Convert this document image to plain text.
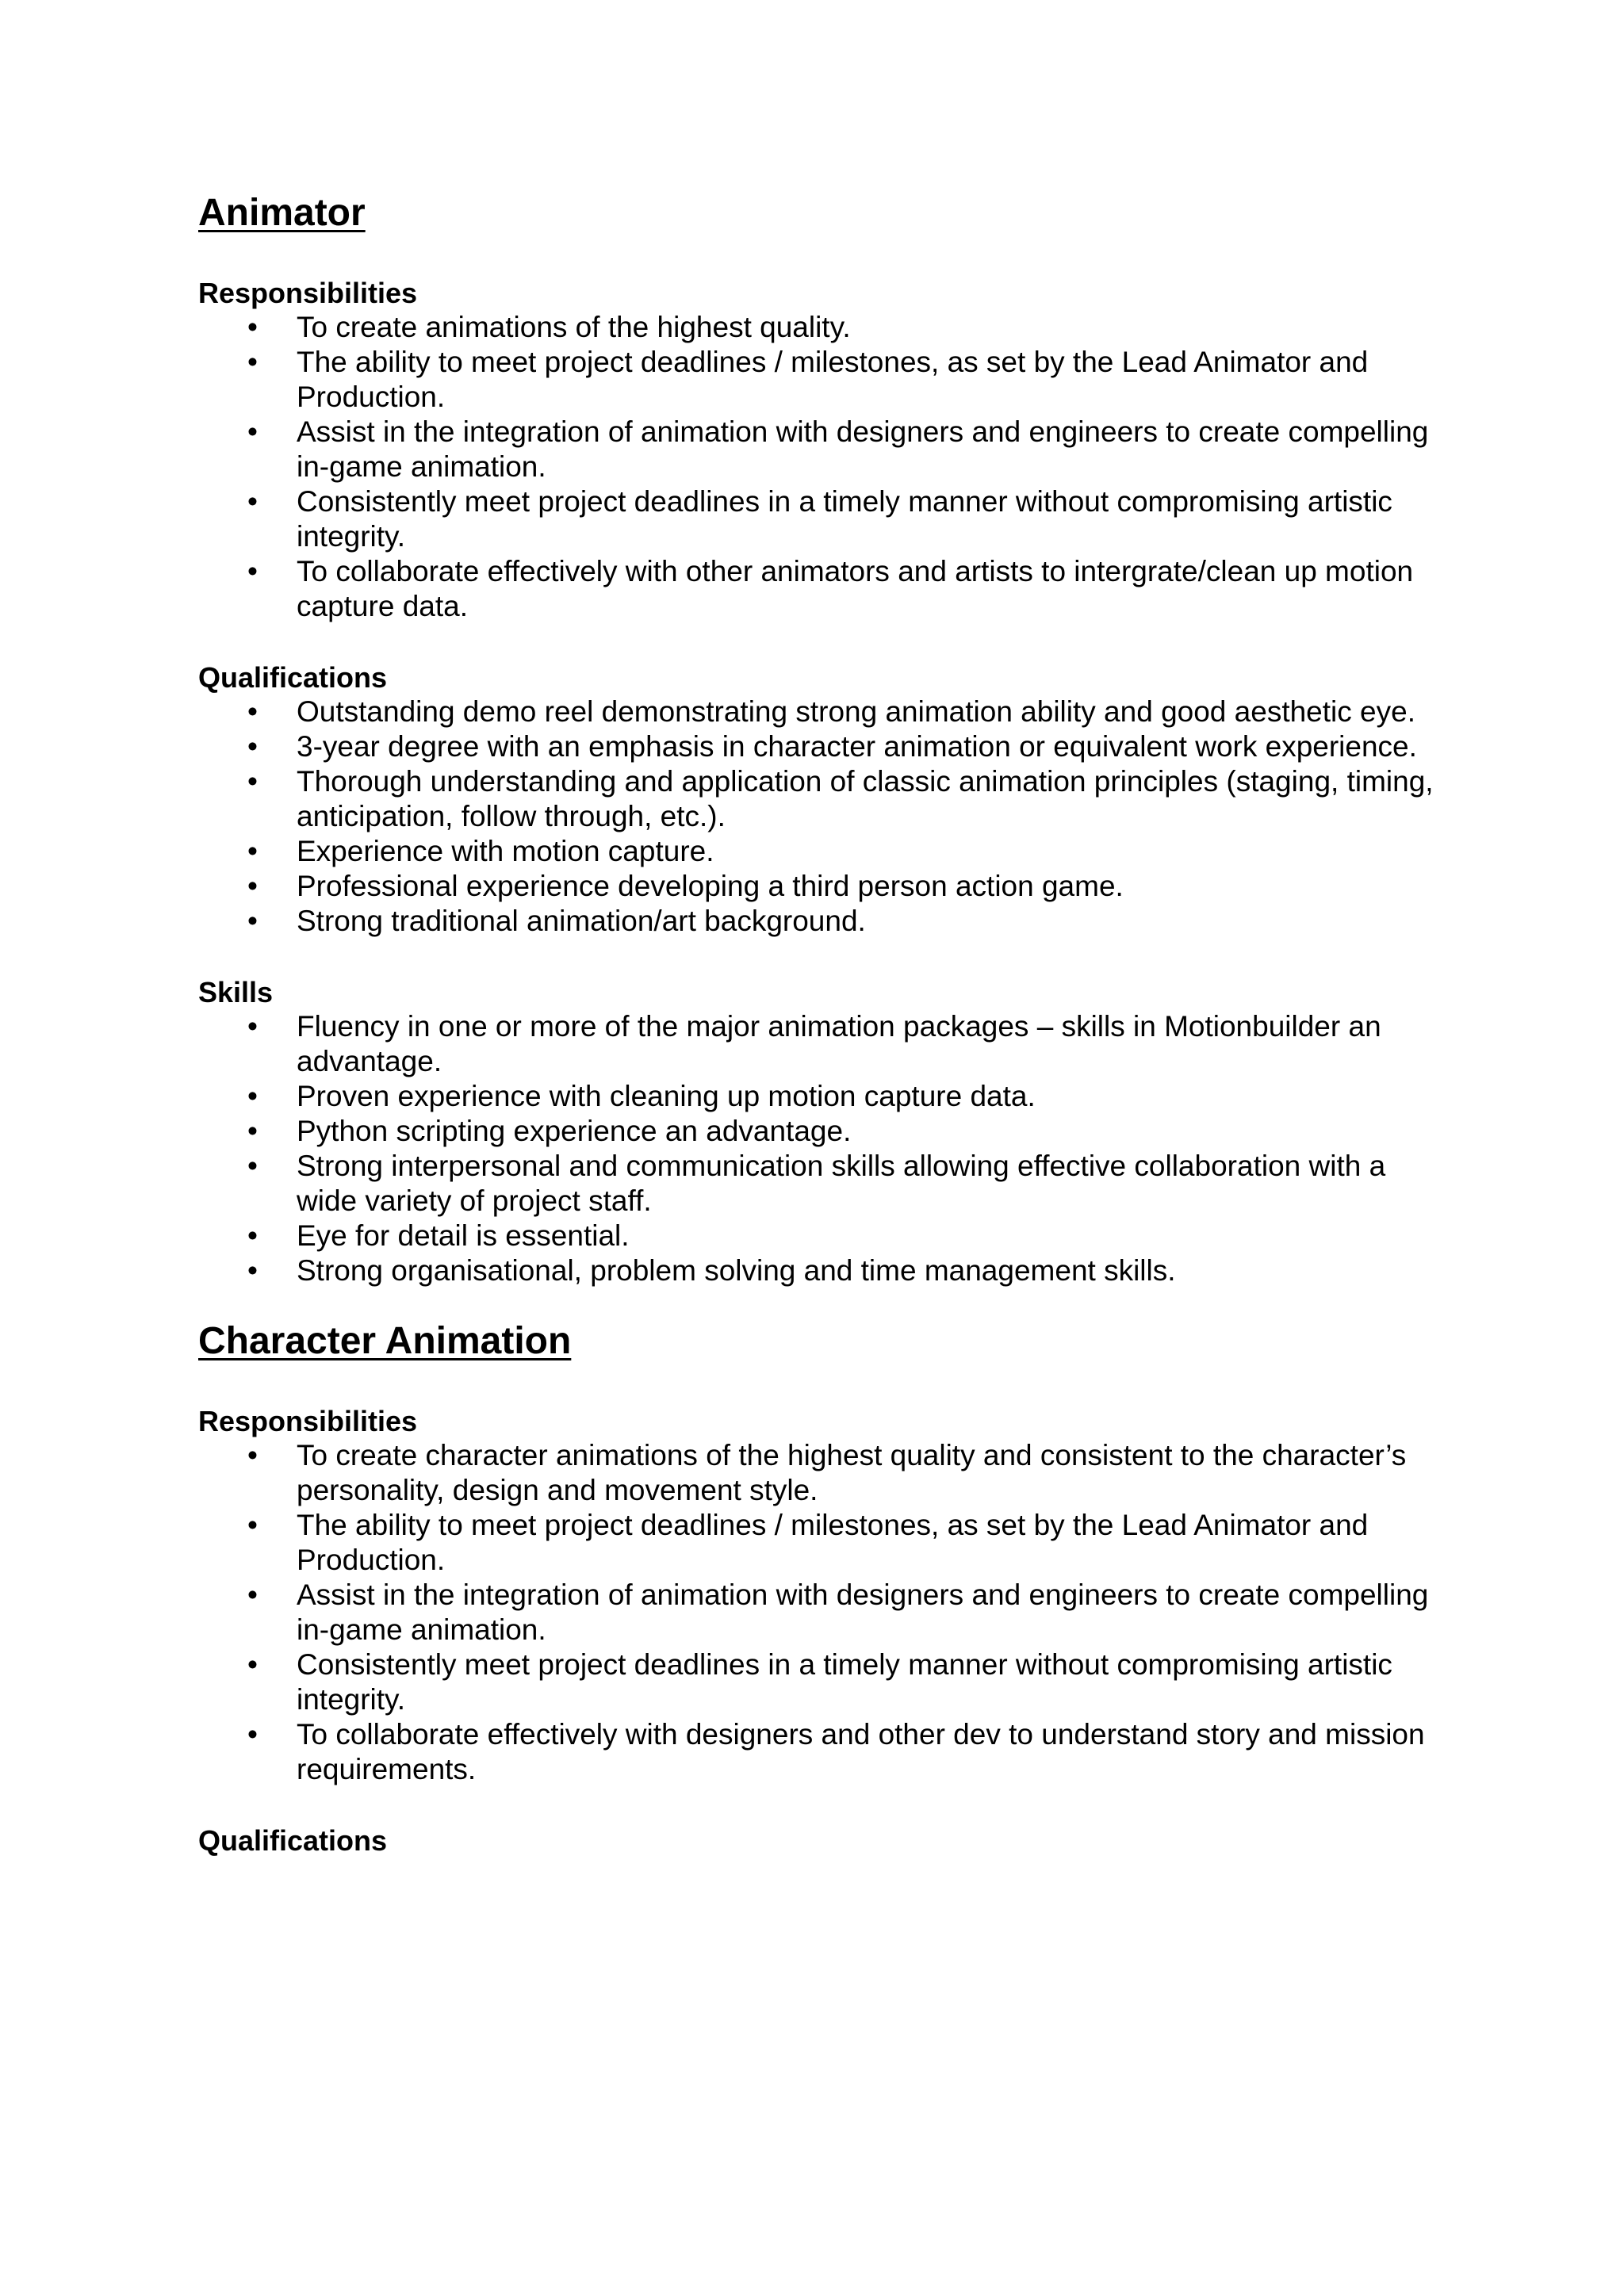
Animator
Responsibilities
• To create animations of the highest quality.
• The ability to meet project deadlines / milestones, as set by the Lead Animator and Production.
• Assist in the integration of animation with designers and engineers to create compelling in-game animation.
• Consistently meet project deadlines in a timely manner without compromising artistic integrity.
• To collaborate effectively with other animators and artists to intergrate/clean up motion capture data.
Qualifications
• Outstanding demo reel demonstrating strong animation ability and good aesthetic eye.
• 3-year degree with an emphasis in character animation or equivalent work experience.
• Thorough understanding and application of classic animation principles (staging, timing, anticipation, follow through, etc.).
• Experience with motion capture.
• Professional experience developing a third person action game.
• Strong traditional animation/art background.
Skills
• Fluency in one or more of the major animation packages – skills in Motionbuilder an advantage.
• Proven experience with cleaning up motion capture data.
• Python scripting experience an advantage.
• Strong interpersonal and communication skills allowing effective collaboration with a wide variety of project staff.
• Eye for detail is essential.
• Strong organisational, problem solving and time management skills.
Character Animation
Responsibilities
• To create character animations of the highest quality and consistent to the character’s personality, design and movement style.
• The ability to meet project deadlines / milestones, as set by the Lead Animator and Production.
• Assist in the integration of animation with designers and engineers to create compelling in-game animation.
• Consistently meet project deadlines in a timely manner without compromising artistic integrity.
• To collaborate effectively with designers and other dev to understand story and mission requirements.
Qualifications
